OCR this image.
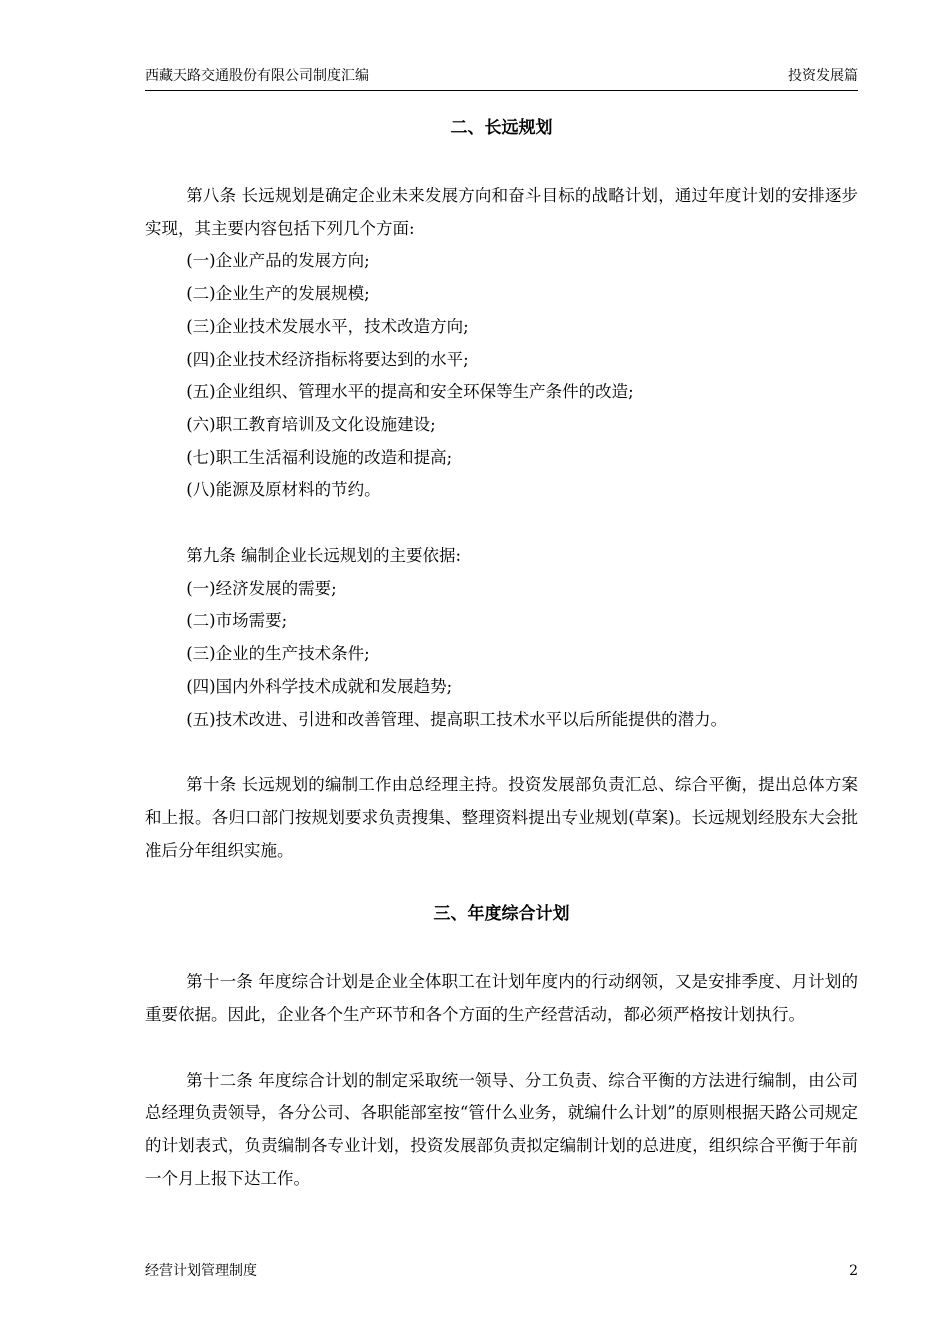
西藏天路交通股份有限公司制度汇编	投资发展篇
二、长远规划

第八条 长远规划是确定企业未来发展方向和奋斗目标的战略计划，通过年度计划的安排逐步实现，其主要内容包括下列几个方面:

(一)企业产品的发展方向;

(二)企业生产的发展规模;

(三)企业技术发展水平，技术改造方向;

(四)企业技术经济指标将要达到的水平;

(五)企业组织、管理水平的提高和安全环保等生产条件的改造;

(六)职工教育培训及文化设施建设;

(七)职工生活福利设施的改造和提高;

(八)能源及原材料的节约。

第九条 编制企业长远规划的主要依据:

(一)经济发展的需要;

(二)市场需要;

(三)企业的生产技术条件;

(四)国内外科学技术成就和发展趋势;

(五)技术改进、引进和改善管理、提高职工技术水平以后所能提供的潜力。

第十条 长远规划的编制工作由总经理主持。投资发展部负责汇总、综合平衡，提出总体方案和上报。各归口部门按规划要求负责搜集、整理资料提出专业规划(草案)。长远规划经股东大会批准后分年组织实施。

三、年度综合计划

第十一条 年度综合计划是企业全体职工在计划年度内的行动纲领，又是安排季度、月计划的重要依据。因此，企业各个生产环节和各个方面的生产经营活动，都必须严格按计划执行。

第十二条 年度综合计划的制定采取统一领导、分工负责、综合平衡的方法进行编制，由公司总经理负责领导，各分公司、各职能部室按“管什么业务，就编什么计划”的原则根据天路公司规定的计划表式，负责编制各专业计划，投资发展部负责拟定编制计划的总进度，组织综合平衡于年前一个月上报下达工作。

经营计划管理制度	2
